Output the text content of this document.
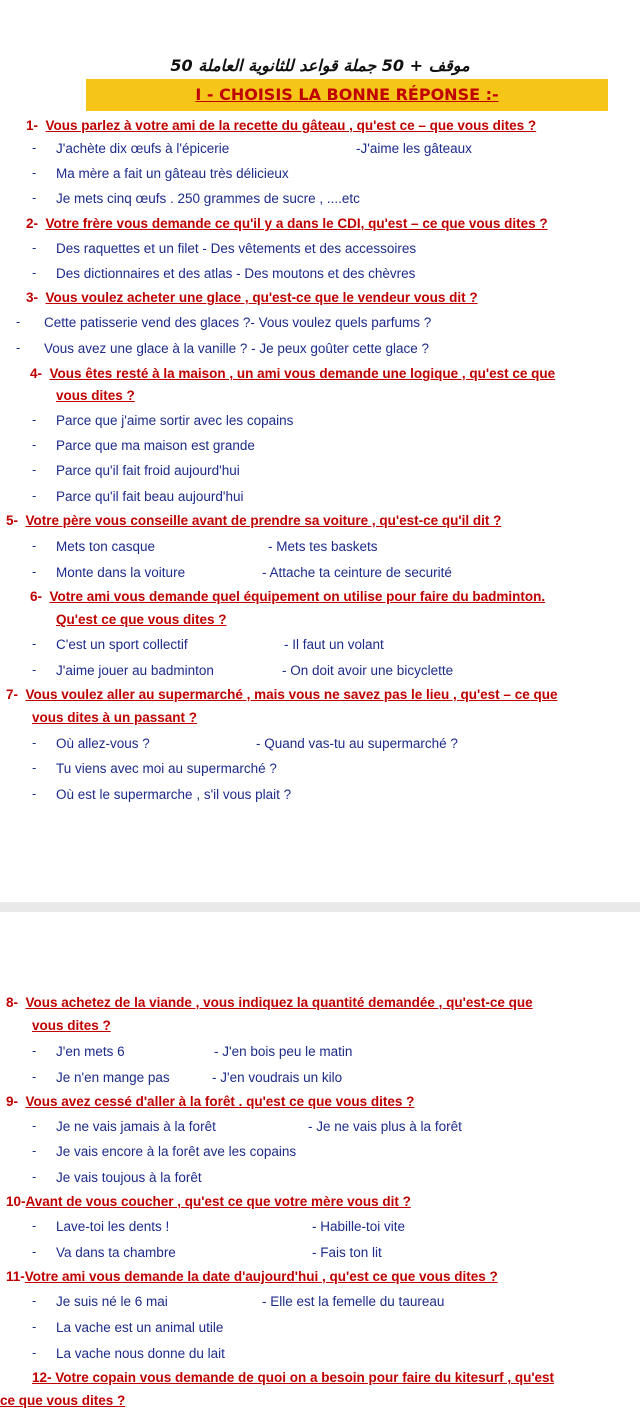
50 موقف + 50 جملة قواعد للثانوية العاملة
I - CHOISIS LA BONNE RÉPONSE :-
1- Vous parlez à votre ami de la recette du gâteau , qu'est ce – que vous dites ?
- J'achète dix œufs à l'épicerie	-J'aime les gâteaux
- Ma mère a fait un gâteau très délicieux
- Je mets cinq œufs . 250 grammes de sucre , ....etc
2- Votre frère vous demande ce qu'il y a dans le CDI, qu'est – ce que vous dites ?
- Des raquettes et un filet - Des vêtements et des accessoires
- Des dictionnaires et des atlas - Des moutons et des chèvres
3- Vous voulez acheter une glace , qu'est-ce que le vendeur vous dit ?
- Cette patisserie vend des glaces ?- Vous voulez quels parfums ?
- Vous avez une glace à la vanille ? - Je peux goûter cette glace ?
4- Vous êtes resté à la maison , un ami vous demande une logique , qu'est ce que
vous dites ?
- Parce que j'aime sortir avec les copains
- Parce que ma maison est grande
- Parce qu'il fait froid aujourd'hui
- Parce qu'il fait beau aujourd'hui
5- Votre père vous conseille avant de prendre sa voiture , qu'est-ce qu'il dit ?
- Mets ton casque	- Mets tes baskets
- Monte dans la voiture	- Attache ta ceinture de securité
6- Votre ami vous demande quel équipement on utilise pour faire du badminton.
Qu'est ce que vous dites ?
- C'est un sport collectif	- Il faut un volant
- J'aime jouer au badminton	- On doit avoir une bicyclette
7- Vous voulez aller au supermarché , mais vous ne savez pas le lieu , qu'est – ce que
vous dites à un passant ?
- Où allez-vous ?	- Quand vas-tu au supermarché ?
- Tu viens avec moi au supermarché ?
- Où est le supermarche , s'il vous plait ?
8- Vous achetez de la viande , vous indiquez la quantité demandée , qu'est-ce que
vous dites ?
- J'en mets 6	- J'en bois peu le matin
- Je n'en mange pas	- J'en voudrais un kilo
9- Vous avez cessé d'aller à la forêt . qu'est ce que vous dites ?
- Je ne vais jamais à la forêt	- Je ne vais plus à la forêt
- Je vais encore à la forêt ave les copains
- Je vais toujous à la forêt
10-Avant de vous coucher , qu'est ce que votre mère vous dit ?
- Lave-toi les dents !	- Habille-toi vite
- Va dans ta chambre	- Fais ton lit
11-Votre ami vous demande la date d'aujourd'hui , qu'est ce que vous dites ?
- Je suis né le 6 mai	- Elle est la femelle du taureau
- La vache est un animal utile
- La vache nous donne du lait
12- Votre copain vous demande de quoi on a besoin pour faire du kitesurf , qu'est
ce que vous dites ?
